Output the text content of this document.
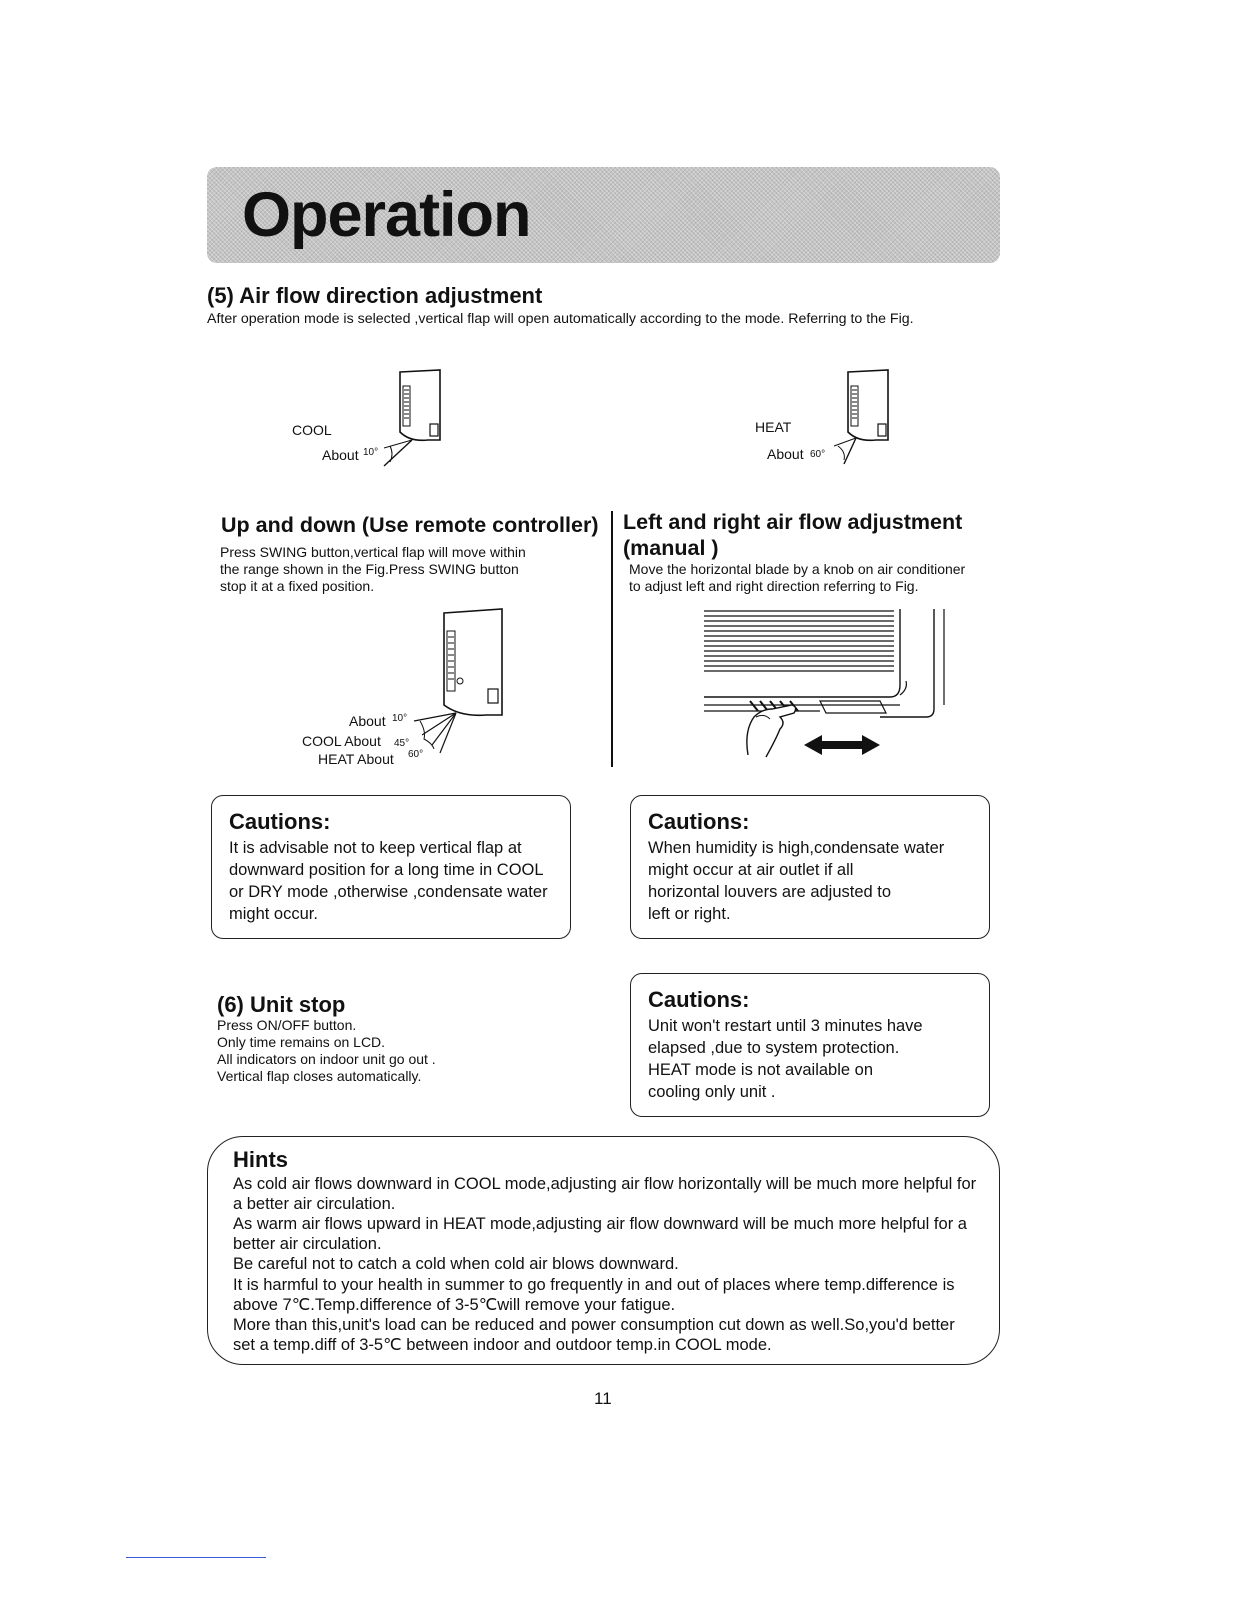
Operation
(5) Air flow direction adjustment
After operation mode is selected ,vertical flap will open automatically according to the mode. Referring to the Fig.
COOL
About 10°
HEAT
About 60°
Up and down (Use remote controller)
Press SWING button,vertical flap will move within
the range shown in the Fig.Press SWING button
stop it at a fixed position.
About 10°
COOL About 45°
HEAT About 60°
Left and right air flow adjustment
(manual )
Move the horizontal blade by a knob on air conditioner
to adjust left and right direction referring to Fig.
Cautions:
It is advisable not to keep vertical flap at
downward position for a long time in COOL
or DRY mode ,otherwise ,condensate water
might occur.
Cautions:
When humidity is high,condensate water
might occur at air outlet if all
horizontal louvers are adjusted to
left or right.
(6) Unit stop
Press ON/OFF button.
Only time remains on LCD.
All indicators on indoor unit go out .
Vertical flap closes automatically.
Cautions:
Unit won't restart until 3 minutes have
elapsed ,due to system protection.
HEAT mode is not available on
cooling only unit .
Hints
As cold air flows downward in COOL mode,adjusting air flow horizontally will be much more helpful for
a better air circulation.
As warm air flows upward in HEAT mode,adjusting air flow downward will be much more helpful for a
better air circulation.
Be careful not to catch a cold when cold air blows downward.
It is harmful to your health in summer to go frequently in and out of places where temp.difference is
above 7℃.Temp.difference of 3-5℃will remove your fatigue.
More than this,unit's load can be reduced and power consumption cut down as well.So,you'd better
set a temp.diff of 3-5℃ between indoor and outdoor temp.in COOL mode.
11
